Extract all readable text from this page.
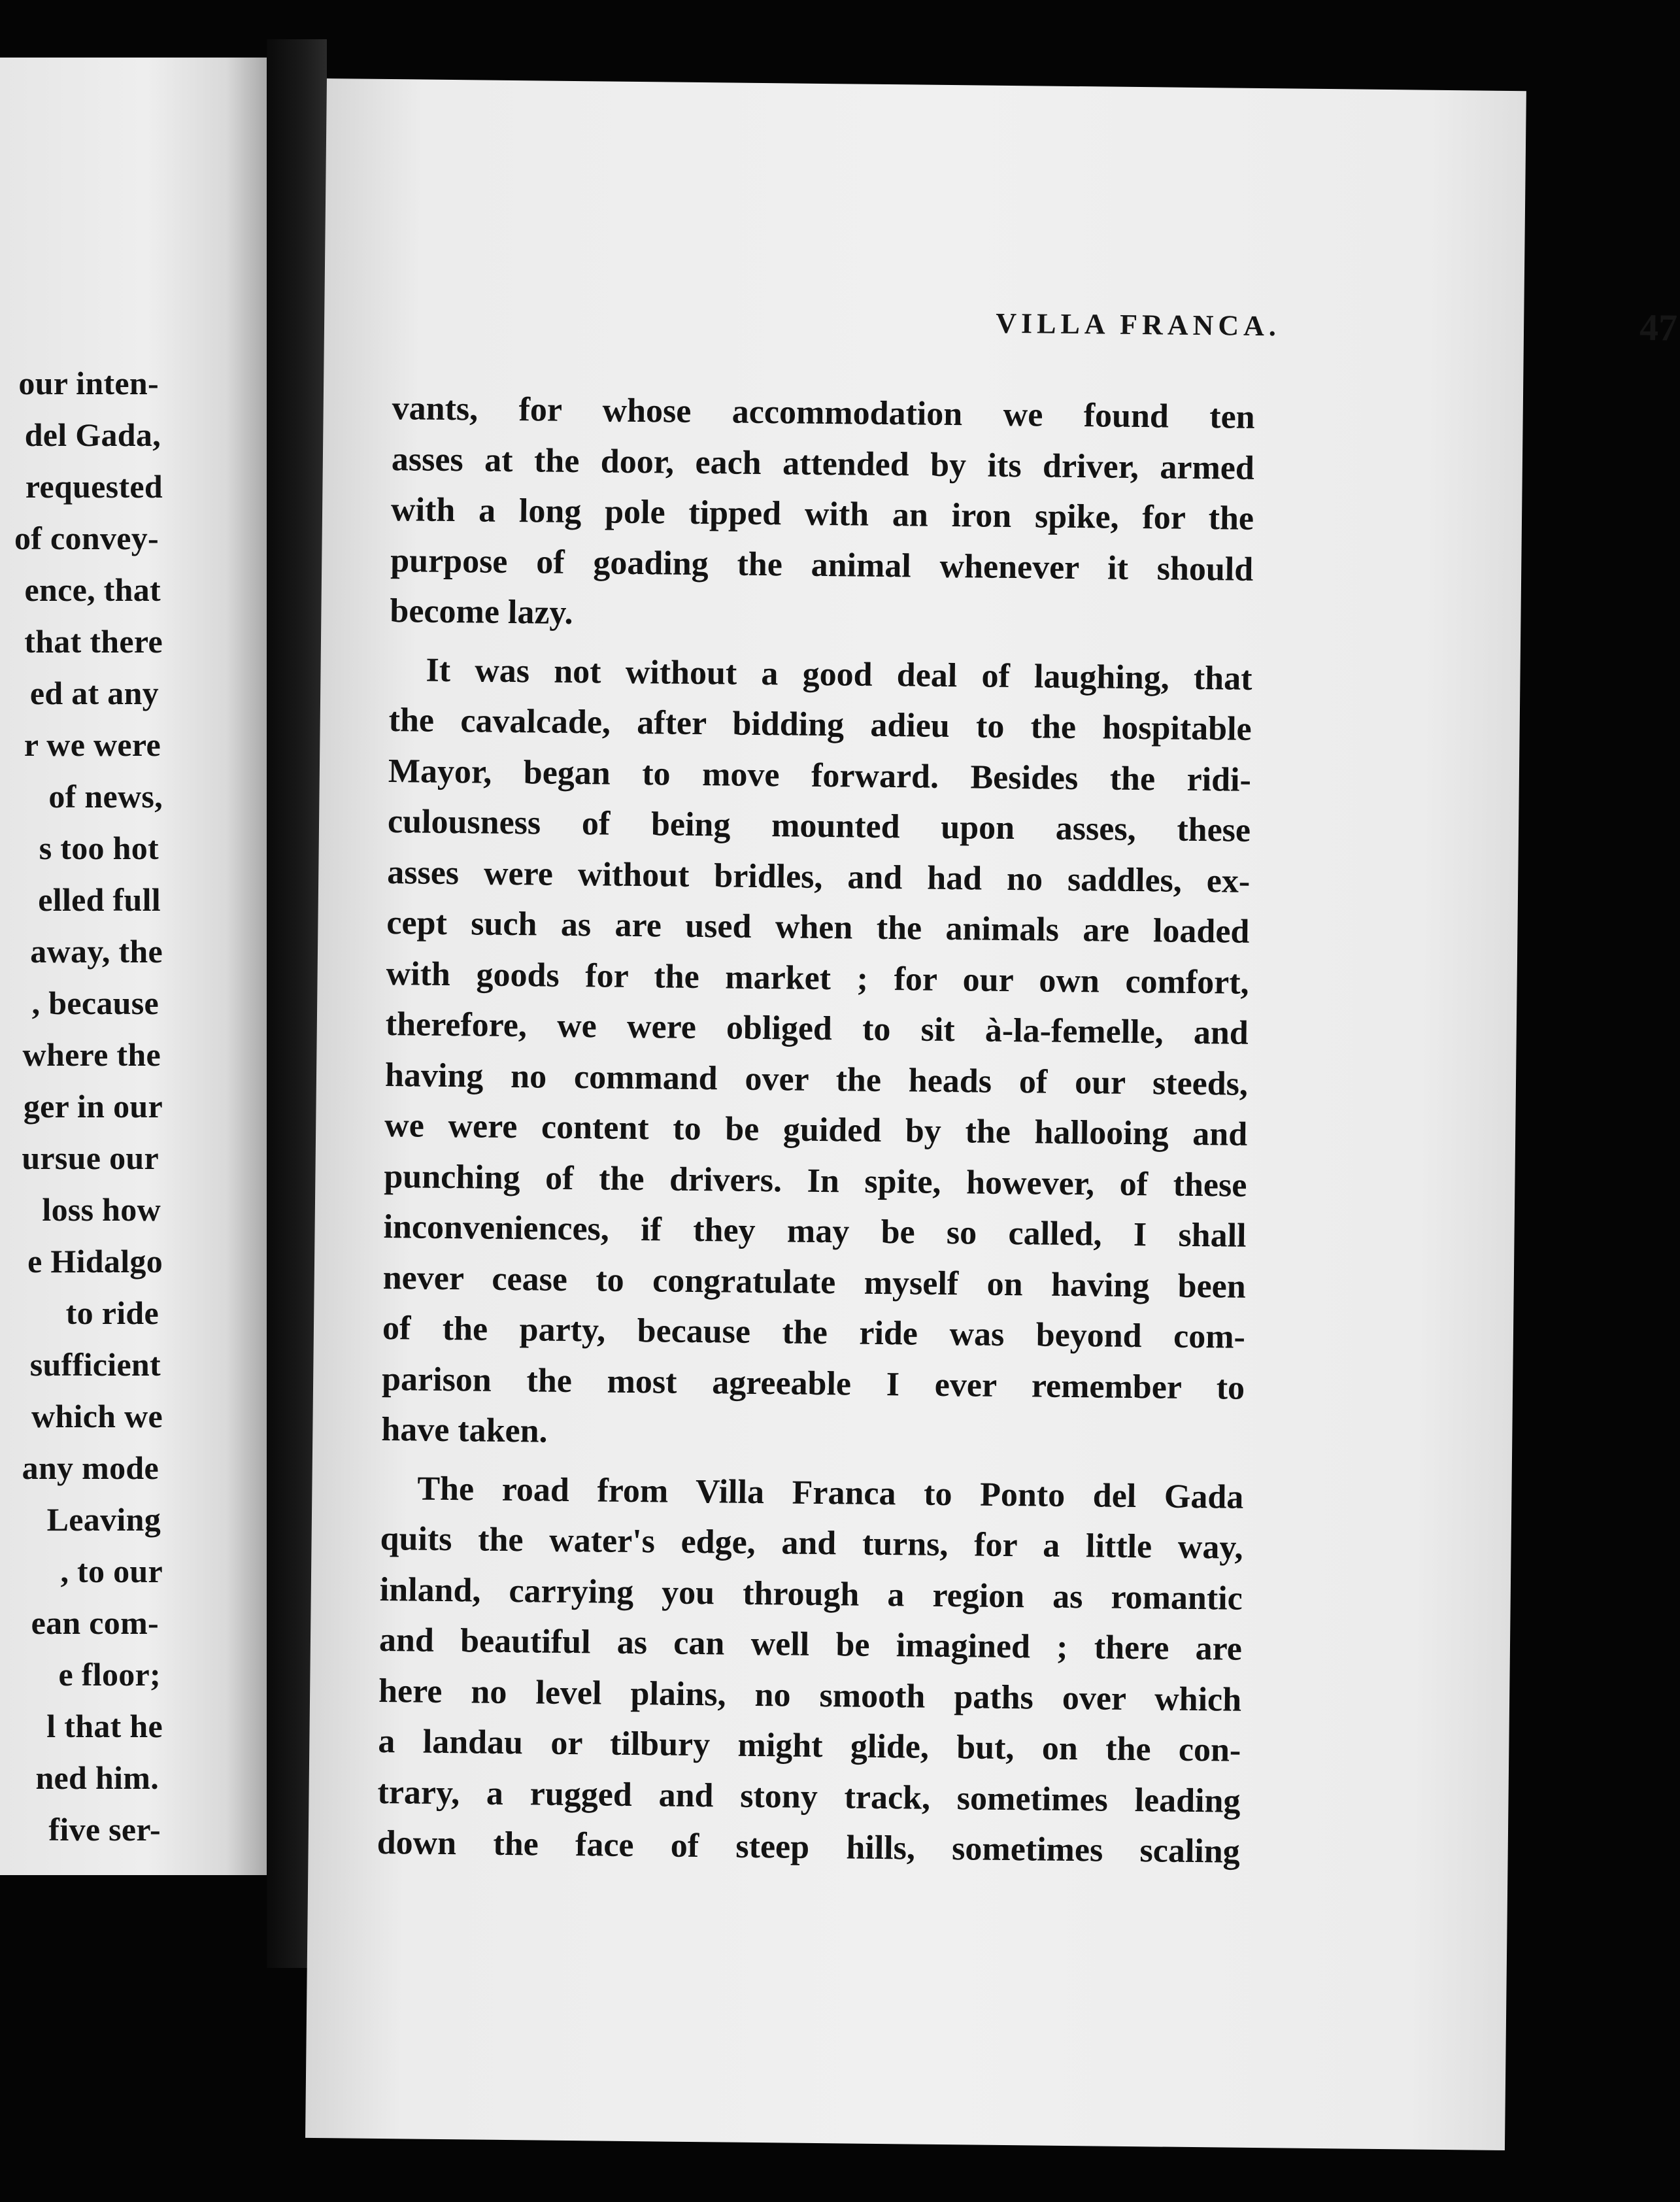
our inten-
del Gada,
requested
of convey-
ence, that
that there
ed at any
r we were
of news,
s too hot
elled full
away, the
, because
where the
ger in our
ursue our
loss how
e Hidalgo
to ride
sufficient
which we
any mode
Leaving
, to our
ean com-
e floor;
l that he
ned him.
five ser-
VILLA FRANCA.	47
vants, for whose accommodation we found ten
asses at the door, each attended by its driver, armed
with a long pole tipped with an iron spike, for the
purpose of goading the animal whenever it should
become lazy.
It was not without a good deal of laughing, that
the cavalcade, after bidding adieu to the hospitable
Mayor, began to move forward. Besides the ridi-
culousness of being mounted upon asses, these
asses were without bridles, and had no saddles, ex-
cept such as are used when the animals are loaded
with goods for the market ; for our own comfort,
therefore, we were obliged to sit à-la-femelle, and
having no command over the heads of our steeds,
we were content to be guided by the hallooing and
punching of the drivers. In spite, however, of these
inconveniences, if they may be so called, I shall
never cease to congratulate myself on having been
of the party, because the ride was beyond com-
parison the most agreeable I ever remember to
have taken.
The road from Villa Franca to Ponto del Gada
quits the water's edge, and turns, for a little way,
inland, carrying you through a region as romantic
and beautiful as can well be imagined ; there are
here no level plains, no smooth paths over which
a landau or tilbury might glide, but, on the con-
trary, a rugged and stony track, sometimes leading
down the face of steep hills, sometimes scaling
